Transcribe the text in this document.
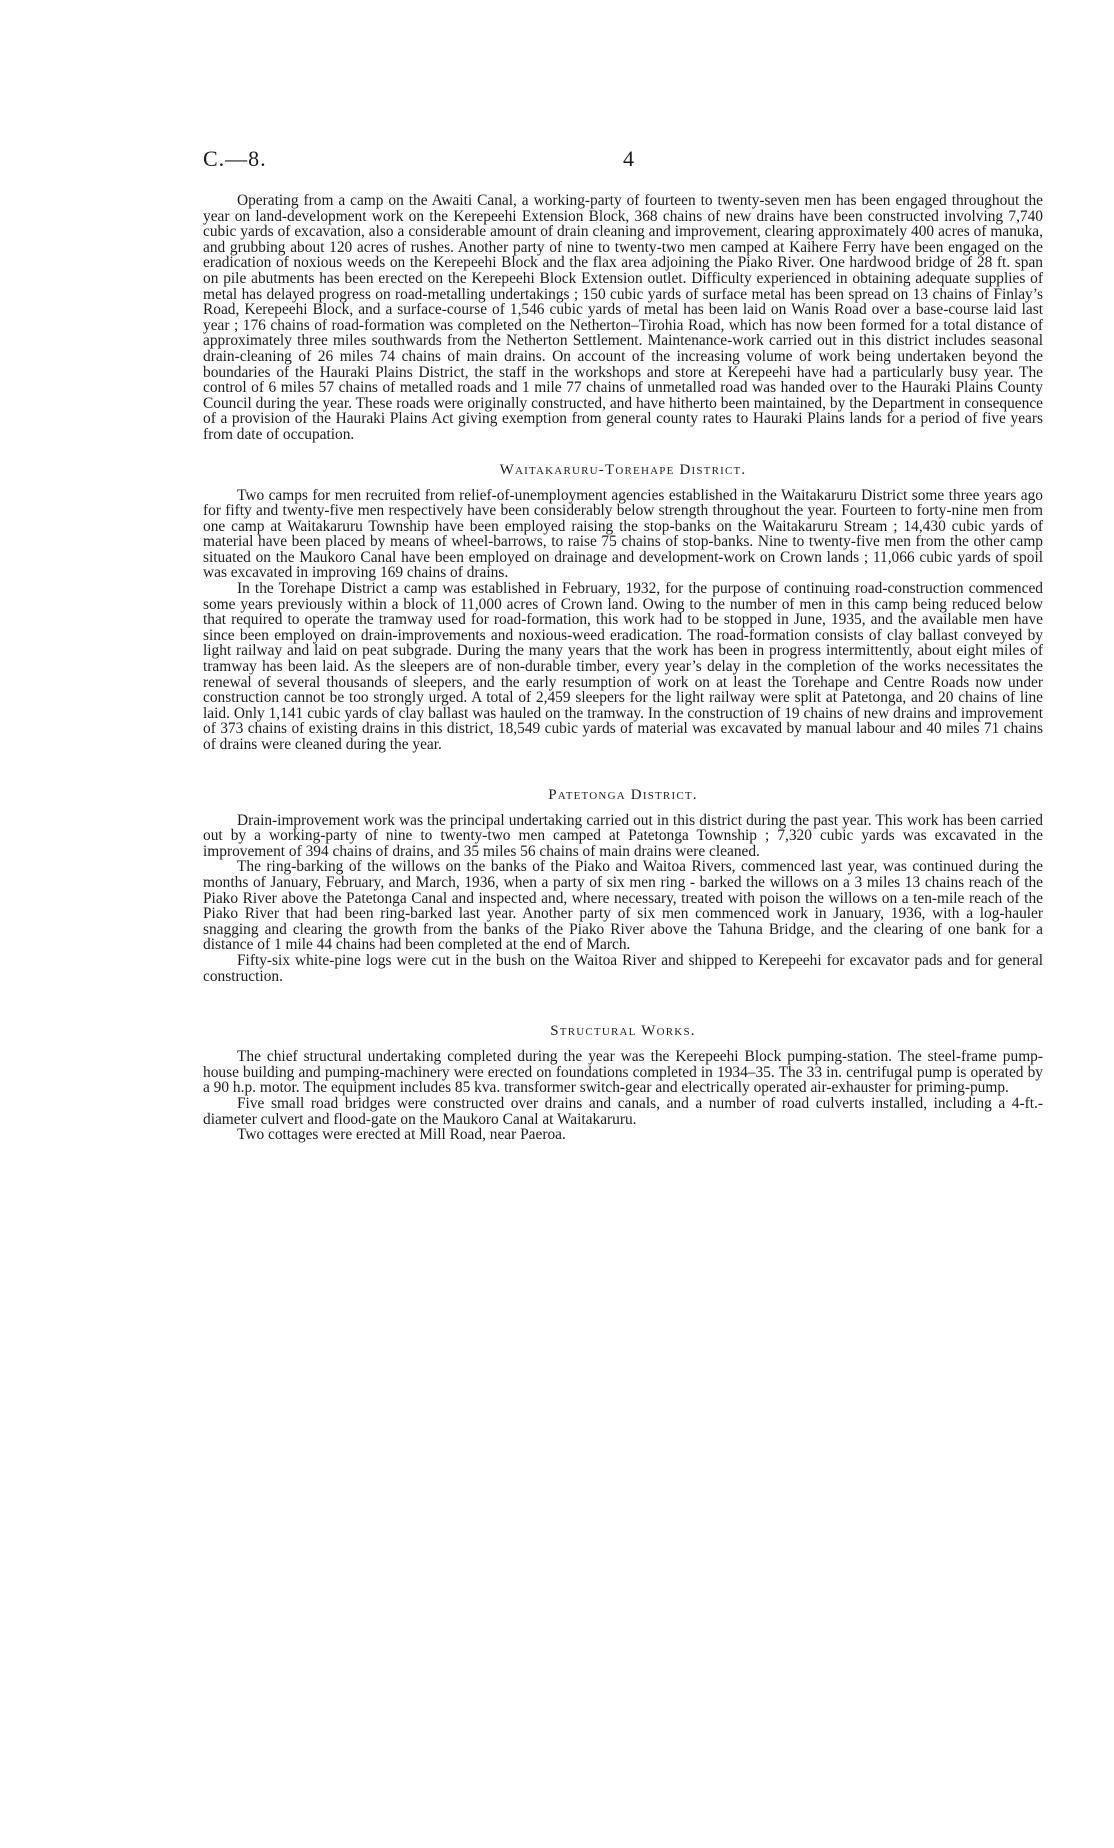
C.—8.	4

Operating from a camp on the Awaiti Canal, a working-party of fourteen to twenty-seven men has been engaged throughout the year on land-development work on the Kerepeehi Extension Block, 368 chains of new drains have been constructed involving 7,740 cubic yards of excavation, also a considerable amount of drain cleaning and improvement, clearing approximately 400 acres of manuka, and grubbing about 120 acres of rushes. Another party of nine to twenty-two men camped at Kaihere Ferry have been engaged on the eradication of noxious weeds on the Kerepeehi Block and the flax area adjoining the Piako River. One hardwood bridge of 28 ft. span on pile abutments has been erected on the Kerepeehi Block Extension outlet. Difficulty experienced in obtaining adequate supplies of metal has delayed progress on road-metalling undertakings ; 150 cubic yards of surface metal has been spread on 13 chains of Finlay’s Road, Kerepeehi Block, and a surface-course of 1,546 cubic yards of metal has been laid on Wanis Road over a base-course laid last year ; 176 chains of road-formation was completed on the Netherton–Tirohia Road, which has now been formed for a total distance of approximately three miles southwards from the Netherton Settlement. Maintenance-work carried out in this district includes seasonal drain-cleaning of 26 miles 74 chains of main drains. On account of the increasing volume of work being undertaken beyond the boundaries of the Hauraki Plains District, the staff in the workshops and store at Kerepeehi have had a particularly busy year. The control of 6 miles 57 chains of metalled roads and 1 mile 77 chains of unmetalled road was handed over to the Hauraki Plains County Council during the year. These roads were originally constructed, and have hitherto been maintained, by the Department in consequence of a provision of the Hauraki Plains Act giving exemption from general county rates to Hauraki Plains lands for a period of five years from date of occupation.

Waitakaruru-Torehape District.

Two camps for men recruited from relief-of-unemployment agencies established in the Waitakaruru District some three years ago for fifty and twenty-five men respectively have been considerably below strength throughout the year. Fourteen to forty-nine men from one camp at Waitakaruru Township have been employed raising the stop-banks on the Waitakaruru Stream ; 14,430 cubic yards of material have been placed by means of wheel-barrows, to raise 75 chains of stop-banks. Nine to twenty-five men from the other camp situated on the Maukoro Canal have been employed on drainage and development-work on Crown lands ; 11,066 cubic yards of spoil was excavated in improving 169 chains of drains.

In the Torehape District a camp was established in February, 1932, for the purpose of continuing road-construction commenced some years previously within a block of 11,000 acres of Crown land. Owing to the number of men in this camp being reduced below that required to operate the tramway used for road-formation, this work had to be stopped in June, 1935, and the available men have since been employed on drain-improvements and noxious-weed eradication. The road-formation consists of clay ballast conveyed by light railway and laid on peat subgrade. During the many years that the work has been in progress intermittently, about eight miles of tramway has been laid. As the sleepers are of non-durable timber, every year’s delay in the completion of the works necessitates the renewal of several thousands of sleepers, and the early resumption of work on at least the Torehape and Centre Roads now under construction cannot be too strongly urged. A total of 2,459 sleepers for the light railway were split at Patetonga, and 20 chains of line laid. Only 1,141 cubic yards of clay ballast was hauled on the tramway. In the construction of 19 chains of new drains and improvement of 373 chains of existing drains in this district, 18,549 cubic yards of material was excavated by manual labour and 40 miles 71 chains of drains were cleaned during the year.

Patetonga District.

Drain-improvement work was the principal undertaking carried out in this district during the past year. This work has been carried out by a working-party of nine to twenty-two men camped at Patetonga Township ; 7,320 cubic yards was excavated in the improvement of 394 chains of drains, and 35 miles 56 chains of main drains were cleaned.

The ring-barking of the willows on the banks of the Piako and Waitoa Rivers, commenced last year, was continued during the months of January, February, and March, 1936, when a party of six men ring - barked the willows on a 3 miles 13 chains reach of the Piako River above the Patetonga Canal and inspected and, where necessary, treated with poison the willows on a ten-mile reach of the Piako River that had been ring-barked last year. Another party of six men commenced work in January, 1936, with a log-hauler snagging and clearing the growth from the banks of the Piako River above the Tahuna Bridge, and the clearing of one bank for a distance of 1 mile 44 chains had been completed at the end of March.

Fifty-six white-pine logs were cut in the bush on the Waitoa River and shipped to Kerepeehi for excavator pads and for general construction.

Structural Works.

The chief structural undertaking completed during the year was the Kerepeehi Block pumping-station. The steel-frame pump-house building and pumping-machinery were erected on foundations completed in 1934–35. The 33 in. centrifugal pump is operated by a 90 h.p. motor. The equipment includes 85 kva. transformer switch-gear and electrically operated air-exhauster for priming-pump.

Five small road bridges were constructed over drains and canals, and a number of road culverts installed, including a 4-ft.-diameter culvert and flood-gate on the Maukoro Canal at Waitakaruru.

Two cottages were erected at Mill Road, near Paeroa.
